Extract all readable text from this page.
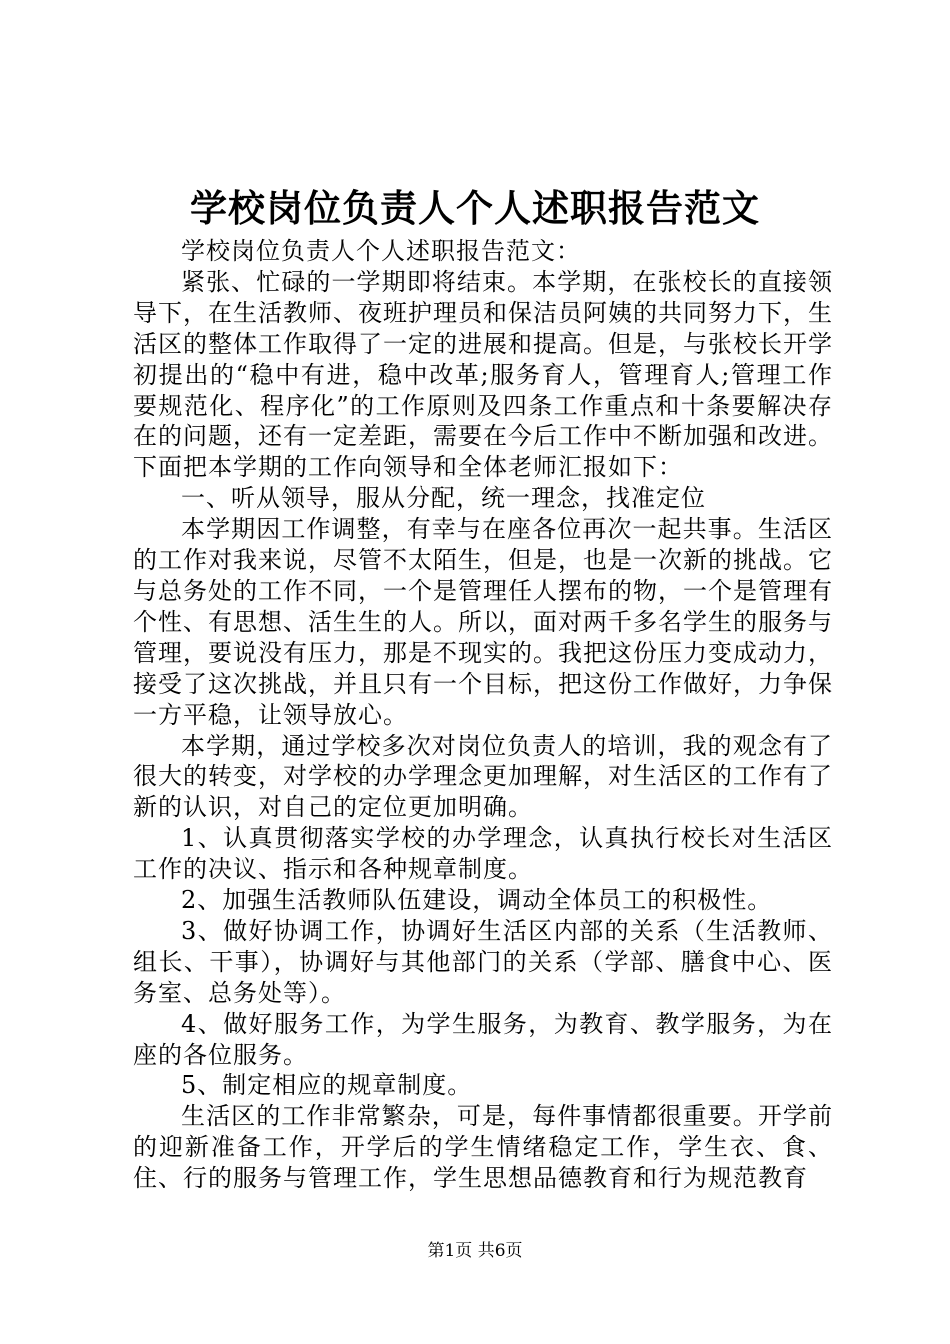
学校岗位负责人个人述职报告范文

学校岗位负责人个人述职报告范文：

紧张、忙碌的一学期即将结束。本学期，在张校长的直接领导下，在生活教师、夜班护理员和保洁员阿姨的共同努力下，生活区的整体工作取得了一定的进展和提高。但是，与张校长开学初提出的“稳中有进，稳中改革;服务育人，管理育人;管理工作要规范化、程序化”的工作原则及四条工作重点和十条要解决存在的问题，还有一定差距，需要在今后工作中不断加强和改进。下面把本学期的工作向领导和全体老师汇报如下：

一、听从领导，服从分配，统一理念，找准定位

本学期因工作调整，有幸与在座各位再次一起共事。生活区的工作对我来说，尽管不太陌生，但是，也是一次新的挑战。它与总务处的工作不同，一个是管理任人摆布的物，一个是管理有个性、有思想、活生生的人。所以，面对两千多名学生的服务与管理，要说没有压力，那是不现实的。我把这份压力变成动力，接受了这次挑战，并且只有一个目标，把这份工作做好，力争保一方平稳，让领导放心。

本学期，通过学校多次对岗位负责人的培训，我的观念有了很大的转变，对学校的办学理念更加理解，对生活区的工作有了新的认识，对自己的定位更加明确。

1、认真贯彻落实学校的办学理念，认真执行校长对生活区工作的决议、指示和各种规章制度。

2、加强生活教师队伍建设，调动全体员工的积极性。

3、做好协调工作，协调好生活区内部的关系（生活教师、组长、干事），协调好与其他部门的关系（学部、膳食中心、医务室、总务处等）。

4、做好服务工作，为学生服务，为教育、教学服务，为在座的各位服务。

5、制定相应的规章制度。

生活区的工作非常繁杂，可是，每件事情都很重要。开学前的迎新准备工作，开学后的学生情绪稳定工作，学生衣、食、住、行的服务与管理工作，学生思想品德教育和行为规范教育

第1页 共6页
